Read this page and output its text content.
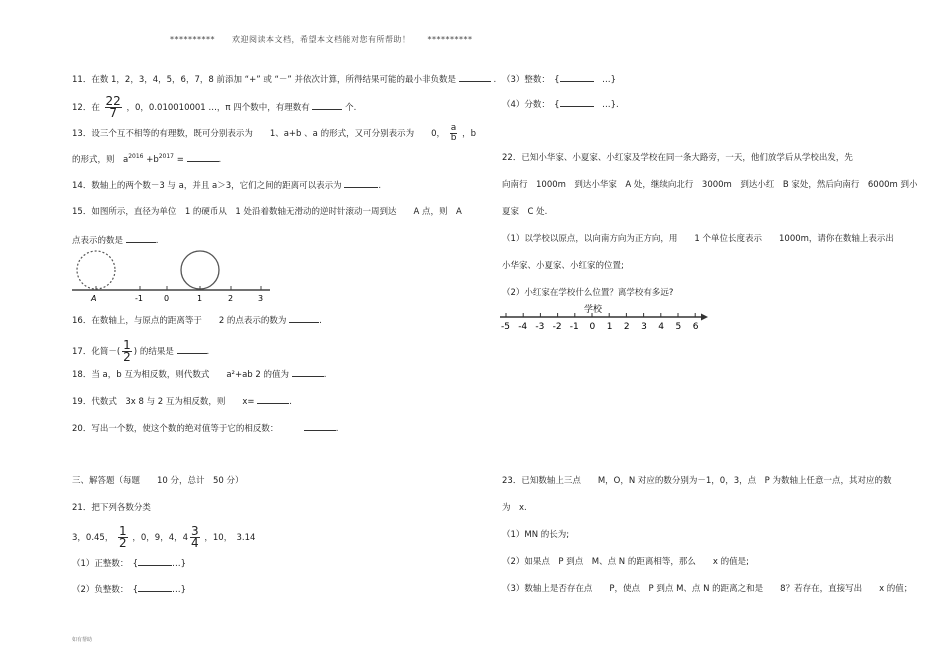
**********　　欢迎阅读本文档，希望本文档能对您有所帮助！　　**********
11．在数 1，2，3，4，5，6，7，8 前添加 “+” 或 “－” 并依次计算，所得结果可能的最小非负数是	.
12．在 $\frac{22}{7}$ ，0，0.010010001 …，π 四个数中，有理数有	个.
13．设三个互不相等的有理数，既可分别表示为　　1、a+b 、a 的形式，又可分别表示为　　0， $\frac{a}{b}$ ，b
的形式，则　$a^{2016} +b^{2017}$ =	.
14．数轴上的两个数－3 与 a，并且 a＞3，它们之间的距离可以表示为	.
15．如图所示，直径为单位　1 的硬币从　1 处沿着数轴无滑动的逆时针滚动一周到达　　A 点，则　A
点表示的数是	.
A	-1	0	1	2	3
16．在数轴上，与原点的距离等于　　2 的点表示的数为	.
17．化简－( $\frac{1}{2}$ ) 的结果是	.
18．当 a，b 互为相反数，则代数式　　a²+ab 2 的值为	.
19．代数式　3x 8 与 2 互为相反数，则　　x=	.
20．写出一个数，使这个数的绝对值等于它的相反数：	.
三、解答题（每题　　10 分，总计　50 分）
21．把下列各数分类
3，0.45， $\frac{1}{2}$ ，0，9，4，$4 \frac{3}{4}$ ，10，　3.14
（1）正整数：　{	…}
（2）负整数：　{	…}
（3）整数：　{	　…}
（4）分数：　{	　…}.
22．已知小华家、小夏家、小红家及学校在同一条大路旁，一天，他们放学后从学校出发，先
向南行　1000m　到达小华家　A 处，继续向北行　3000m　到达小红　B 家处，然后向南行　6000m 到小
夏家　C 处.
（1）以学校以原点，以向南方向为正方向，用　　1 个单位长度表示　　1000m，请你在数轴上表示出
小华家、小夏家、小红家的位置;
（2）小红家在学校什么位置？离学校有多远?
学校
-5 -4 -3 -2 -1 0 1 2 3 4 5 6
23．已知数轴上三点　　M，O，N 对应的数分别为－1，0，3，点　P 为数轴上任意一点，其对应的数
为　x.
（1）MN 的长为;
（2）如果点　P 到点　M、点 N 的距离相等，那么　　x 的值是;
（3）数轴上是否存在点　　P，使点　P 到点 M、点 N 的距离之和是　　8？若存在，直接写出　　x 的值；
如有帮助
